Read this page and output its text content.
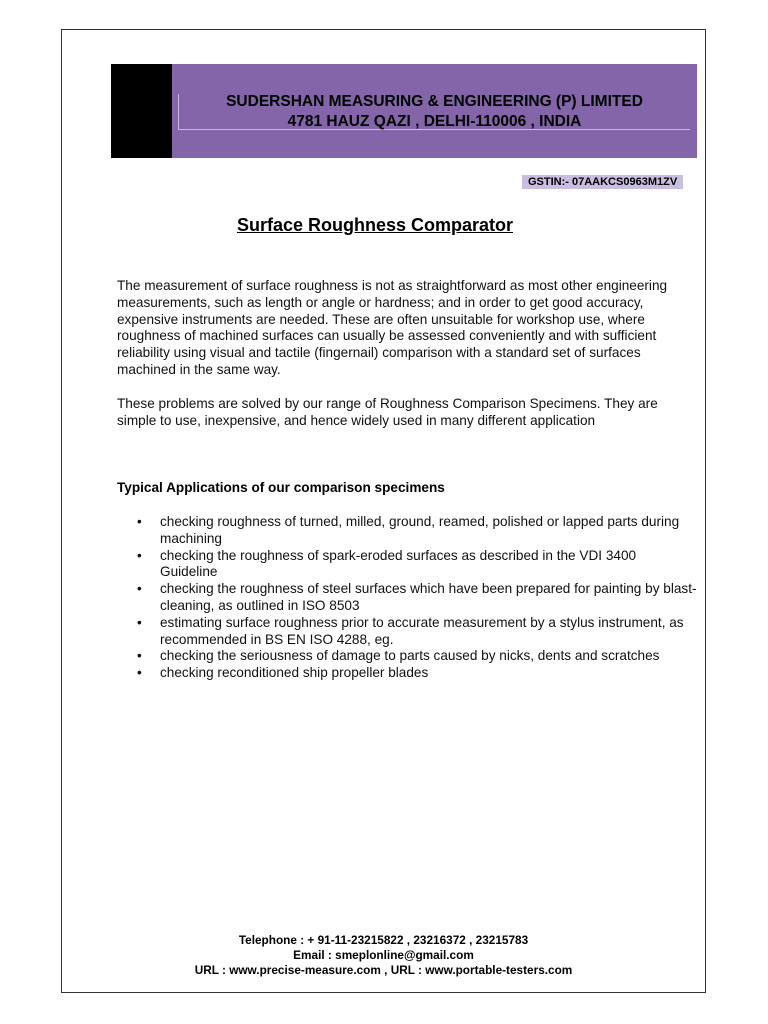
SUDERSHAN MEASURING & ENGINEERING (P) LIMITED
4781 HAUZ QAZI , DELHI-110006 , INDIA
GSTIN:- 07AAKCS0963M1ZV
Surface Roughness Comparator

The measurement of surface roughness is not as straightforward as most other engineering measurements, such as length or angle or hardness; and in order to get good accuracy, expensive instruments are needed. These are often unsuitable for workshop use, where roughness of machined surfaces can usually be assessed conveniently and with sufficient reliability using visual and tactile (fingernail) comparison with a standard set of surfaces machined in the same way.

These problems are solved by our range of Roughness Comparison Specimens. They are simple to use, inexpensive, and hence widely used in many different application

Typical Applications of our comparison specimens
• checking roughness of turned, milled, ground, reamed, polished or lapped parts during machining
• checking the roughness of spark-eroded surfaces as described in the VDI 3400 Guideline
• checking the roughness of steel surfaces which have been prepared for painting by blast-cleaning, as outlined in ISO 8503
• estimating surface roughness prior to accurate measurement by a stylus instrument, as recommended in BS EN ISO 4288, eg.
• checking the seriousness of damage to parts caused by nicks, dents and scratches
• checking reconditioned ship propeller blades
Telephone : + 91-11-23215822 , 23216372 , 23215783
Email : smeplonline@gmail.com
URL : www.precise-measure.com , URL : www.portable-testers.com
